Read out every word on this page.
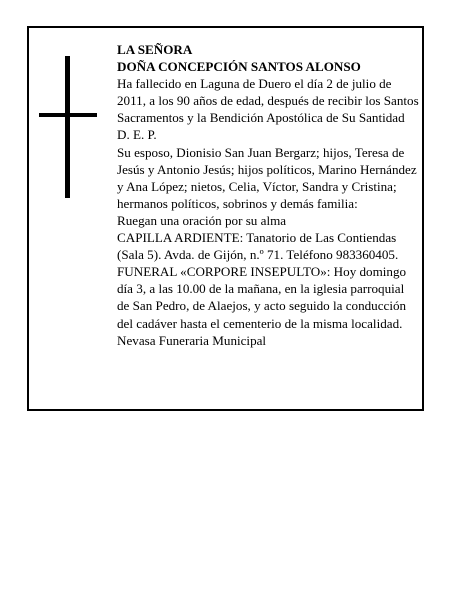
LA SEÑORA

DOÑA CONCEPCIÓN SANTOS ALONSO

Ha fallecido en Laguna de Duero el día 2 de julio de 2011, a los 90 años de edad, después de recibir los Santos Sacramentos y la Bendición Apostólica de Su Santidad

D. E. P.

Su esposo, Dionisio San Juan Bergarz; hijos, Teresa de Jesús y Antonio Jesús; hijos políticos, Marino Hernández y Ana López; nietos, Celia, Víctor, Sandra y Cristina; hermanos políticos, sobrinos y demás familia:

Ruegan una oración por su alma

CAPILLA ARDIENTE: Tanatorio de Las Contiendas (Sala 5). Avda. de Gijón, n.º 71. Teléfono 983360405.

FUNERAL «CORPORE INSEPULTO»: Hoy domingo día 3, a las 10.00 de la mañana, en la iglesia parroquial de San Pedro, de Alaejos, y acto seguido la conducción del cadáver hasta el cementerio de la misma localidad.

Nevasa Funeraria Municipal
